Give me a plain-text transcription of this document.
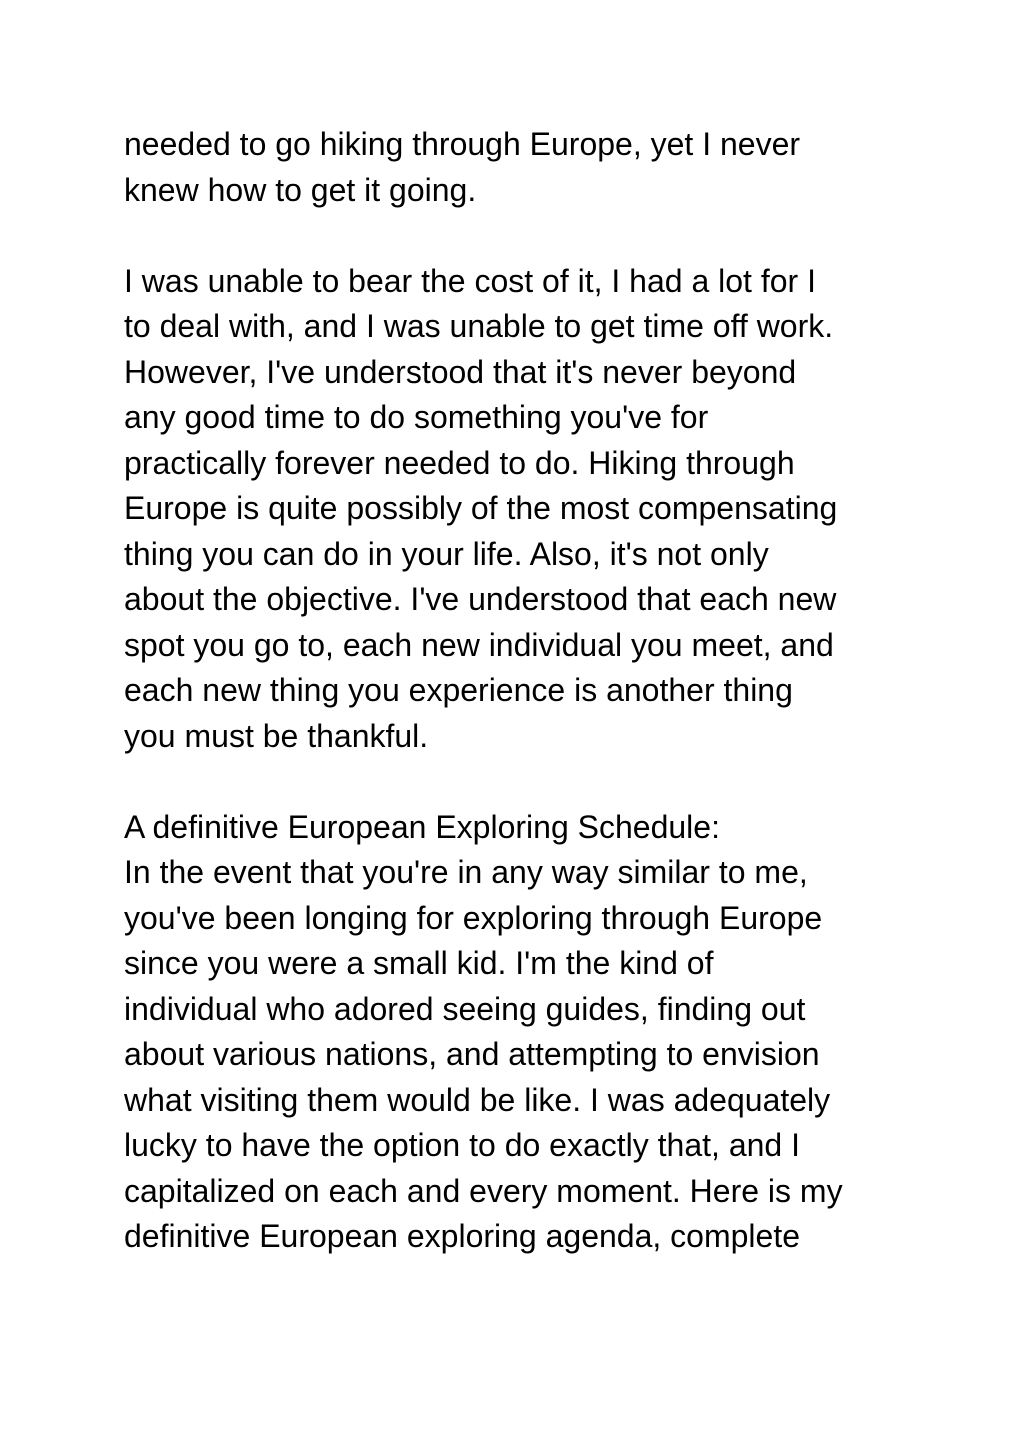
needed to go hiking through Europe, yet I never
knew how to get it going.
I was unable to bear the cost of it, I had a lot for I
to deal with, and I was unable to get time off work.
However, I've understood that it's never beyond
any good time to do something you've for
practically forever needed to do. Hiking through
Europe is quite possibly of the most compensating
thing you can do in your life. Also, it's not only
about the objective. I've understood that each new
spot you go to, each new individual you meet, and
each new thing you experience is another thing
you must be thankful.
A definitive European Exploring Schedule:
In the event that you're in any way similar to me,
you've been longing for exploring through Europe
since you were a small kid. I'm the kind of
individual who adored seeing guides, finding out
about various nations, and attempting to envision
what visiting them would be like. I was adequately
lucky to have the option to do exactly that, and I
capitalized on each and every moment. Here is my
definitive European exploring agenda, complete
